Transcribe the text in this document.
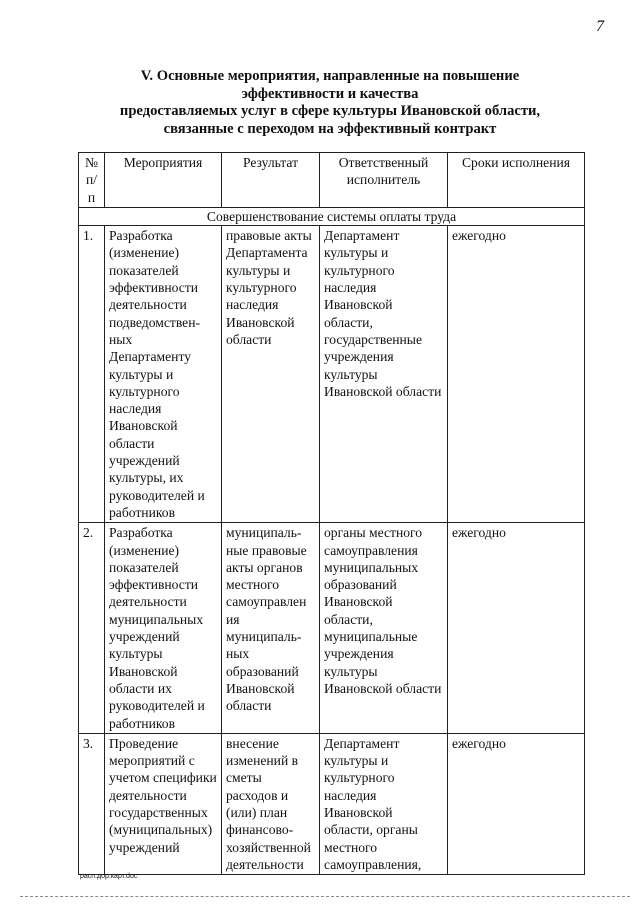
7
V. Основные мероприятия, направленные на повышение
эффективности и качества
предоставляемых услуг в сфере культуры Ивановской области,
связанные с переходом на эффективный контракт
№ п/п	Мероприятия	Результат	Ответственный исполнитель	Сроки исполнения
Совершенствование системы оплаты труда				
1.	Разработка (изменение) показателей эффективности деятельности подведомствен-ных Департаменту культуры и культурного наследия Ивановской области учреждений культуры, их руководителей и работников	правовые акты Департамента культуры и культурного наследия Ивановской области	Департамент культуры и культурного наследия Ивановской области, государственные учреждения культуры Ивановской области	ежегодно
2.	Разработка (изменение) показателей эффективности деятельности муниципальных учреждений культуры Ивановской области их руководителей и работников	муниципаль-ные правовые акты органов местного самоуправлен ия муниципаль-ных образований Ивановской области	органы местного самоуправления муниципальных образований Ивановской области, муниципальные учреждения культуры Ивановской области	ежегодно
3.	Проведение мероприятий с учетом специфики деятельности государственных (муниципальных) учреждений	внесение изменений в сметы расходов и (или) план финансово-хозяйственной деятельности	Департамент культуры и культурного наследия Ивановской области, органы местного самоуправления,	ежегодно
расп.дор.карт.doc
